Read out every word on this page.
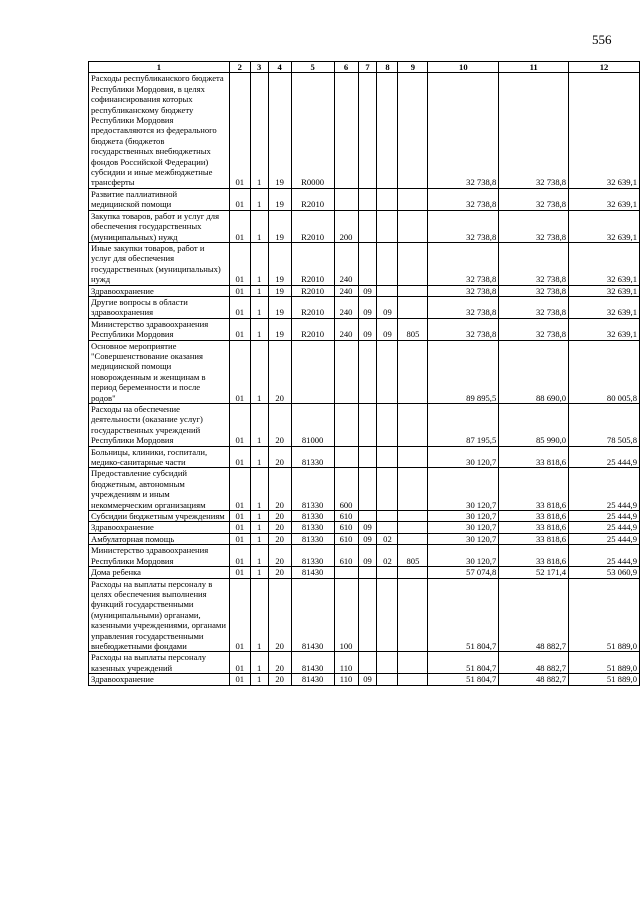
556
1	2	3	4	5	6	7	8	9	10	11	12
Расходы республиканского бюджета Республики Мордовия, в целях софинансирования которых республиканскому бюджету Республики Мордовия предоставляются из федерального бюджета (бюджетов государственных внебюджетных фондов Российской Федерации) субсидии и иные межбюджетные трансферты	01	1	19	R0000					32 738,8	32 738,8	32 639,1
Развитие паллиативной медицинской помощи	01	1	19	R2010					32 738,8	32 738,8	32 639,1
Закупка товаров, работ и услуг для обеспечения государственных (муниципальных) нужд	01	1	19	R2010	200				32 738,8	32 738,8	32 639,1
Иные закупки товаров, работ и услуг для обеспечения государственных (муниципальных) нужд	01	1	19	R2010	240				32 738,8	32 738,8	32 639,1
Здравоохранение	01	1	19	R2010	240	09			32 738,8	32 738,8	32 639,1
Другие вопросы в области здравоохранения	01	1	19	R2010	240	09	09		32 738,8	32 738,8	32 639,1
Министерство здравоохранения Республики Мордовия	01	1	19	R2010	240	09	09	805	32 738,8	32 738,8	32 639,1
Основное мероприятие "Совершенствование оказания медицинской помощи новорожденным и женщинам в период беременности и после родов"	01	1	20						89 895,5	88 690,0	80 005,8
Расходы на обеспечение деятельности (оказание услуг) государственных учреждений Республики Мордовия	01	1	20	81000					87 195,5	85 990,0	78 505,8
Больницы, клиники, госпитали, медико-санитарные части	01	1	20	81330					30 120,7	33 818,6	25 444,9
Предоставление субсидий бюджетным, автономным учреждениям и иным некоммерческим организациям	01	1	20	81330	600				30 120,7	33 818,6	25 444,9
Субсидии бюджетным учреждениям	01	1	20	81330	610				30 120,7	33 818,6	25 444,9
Здравоохранение	01	1	20	81330	610	09			30 120,7	33 818,6	25 444,9
Амбулаторная помощь	01	1	20	81330	610	09	02		30 120,7	33 818,6	25 444,9
Министерство здравоохранения Республики Мордовия	01	1	20	81330	610	09	02	805	30 120,7	33 818,6	25 444,9
Дома ребенка	01	1	20	81430					57 074,8	52 171,4	53 060,9
Расходы на выплаты персоналу в целях обеспечения выполнения функций государственными (муниципальными) органами, казенными учреждениями, органами управления государственными внебюджетными фондами	01	1	20	81430	100				51 804,7	48 882,7	51 889,0
Расходы на выплаты персоналу казенных учреждений	01	1	20	81430	110				51 804,7	48 882,7	51 889,0
Здравоохранение	01	1	20	81430	110	09			51 804,7	48 882,7	51 889,0
